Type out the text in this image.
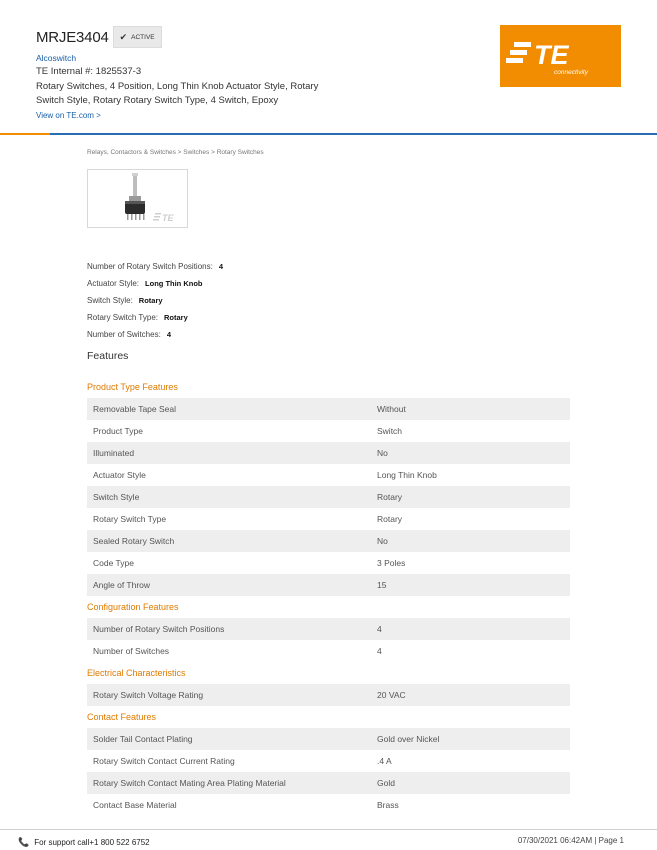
MRJE3404 ✔ ACTIVE
Alcoswitch
TE Internal #: 1825537-3
Rotary Switches, 4 Position, Long Thin Knob Actuator Style, Rotary Switch Style, Rotary Rotary Switch Type, 4 Switch, Epoxy
View on TE.com >
TE
connectivity
Relays, Contactors & Switches > Switches > Rotary Switches
TE
Number of Rotary Switch Positions: 4
Actuator Style: Long Thin Knob
Switch Style: Rotary
Rotary Switch Type: Rotary
Number of Switches: 4
Features
Product Type Features
Removable Tape Seal	Without
Product Type	Switch
Illuminated	No
Actuator Style	Long Thin Knob
Switch Style	Rotary
Rotary Switch Type	Rotary
Sealed Rotary Switch	No
Code Type	3 Poles
Angle of Throw	15
Configuration Features
Number of Rotary Switch Positions	4
Number of Switches	4
Electrical Characteristics
Rotary Switch Voltage Rating	20 VAC
Contact Features
Solder Tail Contact Plating	Gold over Nickel
Rotary Switch Contact Current Rating	.4 A
Rotary Switch Contact Mating Area Plating Material	Gold
Contact Base Material	Brass
📞 For support call+1 800 522 6752	07/30/2021 06:42AM | Page 1
